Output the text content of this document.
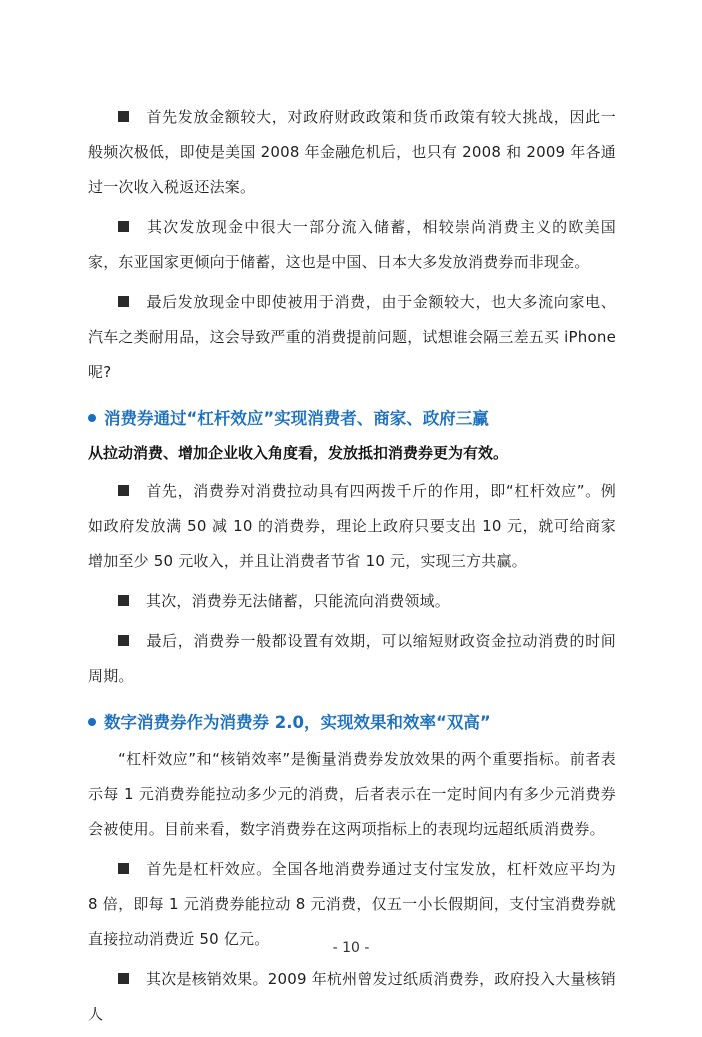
首先发放金额较大，对政府财政政策和货币政策有较大挑战，因此一般频次极低，即使是美国 2008 年金融危机后，也只有 2008 和 2009 年各通过一次收入税返还法案。

其次发放现金中很大一部分流入储蓄，相较崇尚消费主义的欧美国家，东亚国家更倾向于储蓄，这也是中国、日本大多发放消费券而非现金。

最后发放现金中即使被用于消费，由于金额较大，也大多流向家电、汽车之类耐用品，这会导致严重的消费提前问题，试想谁会隔三差五买 iPhone 呢?

消费券通过“杠杆效应”实现消费者、商家、政府三赢
从拉动消费、增加企业收入角度看，发放抵扣消费券更为有效。

首先，消费券对消费拉动具有四两拨千斤的作用，即“杠杆效应”。例如政府发放满 50 减 10 的消费券，理论上政府只要支出 10 元，就可给商家增加至少 50 元收入，并且让消费者节省 10 元，实现三方共赢。

其次，消费券无法储蓄，只能流向消费领域。

最后，消费券一般都设置有效期，可以缩短财政资金拉动消费的时间周期。

数字消费券作为消费券 2.0，实现效果和效率“双高”

“杠杆效应”和“核销效率”是衡量消费券发放效果的两个重要指标。前者表示每 1 元消费券能拉动多少元的消费，后者表示在一定时间内有多少元消费券会被使用。目前来看，数字消费券在这两项指标上的表现均远超纸质消费券。

首先是杠杆效应。全国各地消费券通过支付宝发放，杠杆效应平均为 8 倍，即每 1 元消费券能拉动 8 元消费，仅五一小长假期间，支付宝消费券就直接拉动消费近 50 亿元。

其次是核销效果。2009 年杭州曾发过纸质消费券，政府投入大量核销人

- 10 -
